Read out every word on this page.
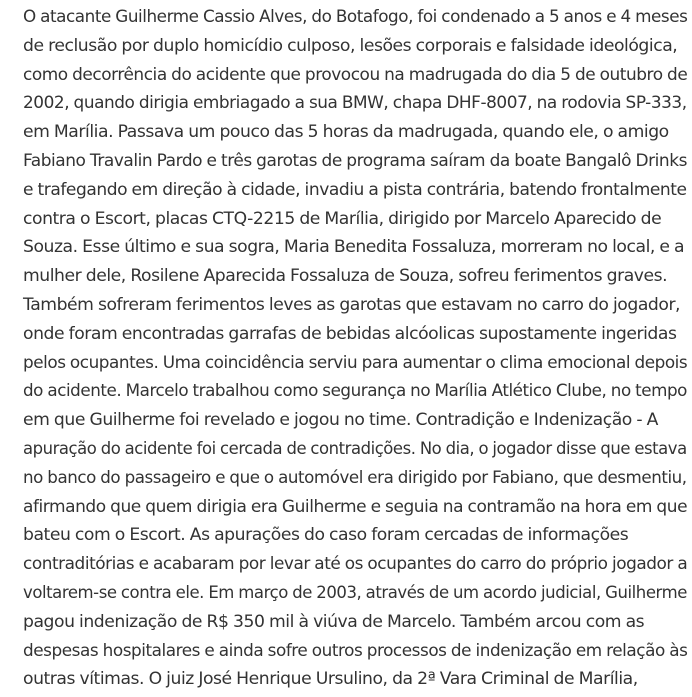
O atacante Guilherme Cassio Alves, do Botafogo, foi condenado a 5 anos e 4 meses
de reclusão por duplo homicídio culposo, lesões corporais e falsidade ideológica,
como decorrência do acidente que provocou na madrugada do dia 5 de outubro de
2002, quando dirigia embriagado a sua BMW, chapa DHF-8007, na rodovia SP-333,
em Marília. Passava um pouco das 5 horas da madrugada, quando ele, o amigo
Fabiano Travalin Pardo e três garotas de programa saíram da boate Bangalô Drinks
e trafegando em direção à cidade, invadiu a pista contrária, batendo frontalmente
contra o Escort, placas CTQ-2215 de Marília, dirigido por Marcelo Aparecido de
Souza. Esse último e sua sogra, Maria Benedita Fossaluza, morreram no local, e a
mulher dele, Rosilene Aparecida Fossaluza de Souza, sofreu ferimentos graves.
Também sofreram ferimentos leves as garotas que estavam no carro do jogador,
onde foram encontradas garrafas de bebidas alcóolicas supostamente ingeridas
pelos ocupantes. Uma coincidência serviu para aumentar o clima emocional depois
do acidente. Marcelo trabalhou como segurança no Marília Atlético Clube, no tempo
em que Guilherme foi revelado e jogou no time. Contradição e Indenização - A
apuração do acidente foi cercada de contradições. No dia, o jogador disse que estava
no banco do passageiro e que o automóvel era dirigido por Fabiano, que desmentiu,
afirmando que quem dirigia era Guilherme e seguia na contramão na hora em que
bateu com o Escort. As apurações do caso foram cercadas de informações
contraditórias e acabaram por levar até os ocupantes do carro do próprio jogador a
voltarem-se contra ele. Em março de 2003, através de um acordo judicial, Guilherme
pagou indenização de R$ 350 mil à viúva de Marcelo. Também arcou com as
despesas hospitalares e ainda sofre outros processos de indenização em relação às
outras vítimas. O juiz José Henrique Ursulino, da 2ª Vara Criminal de Marília,
